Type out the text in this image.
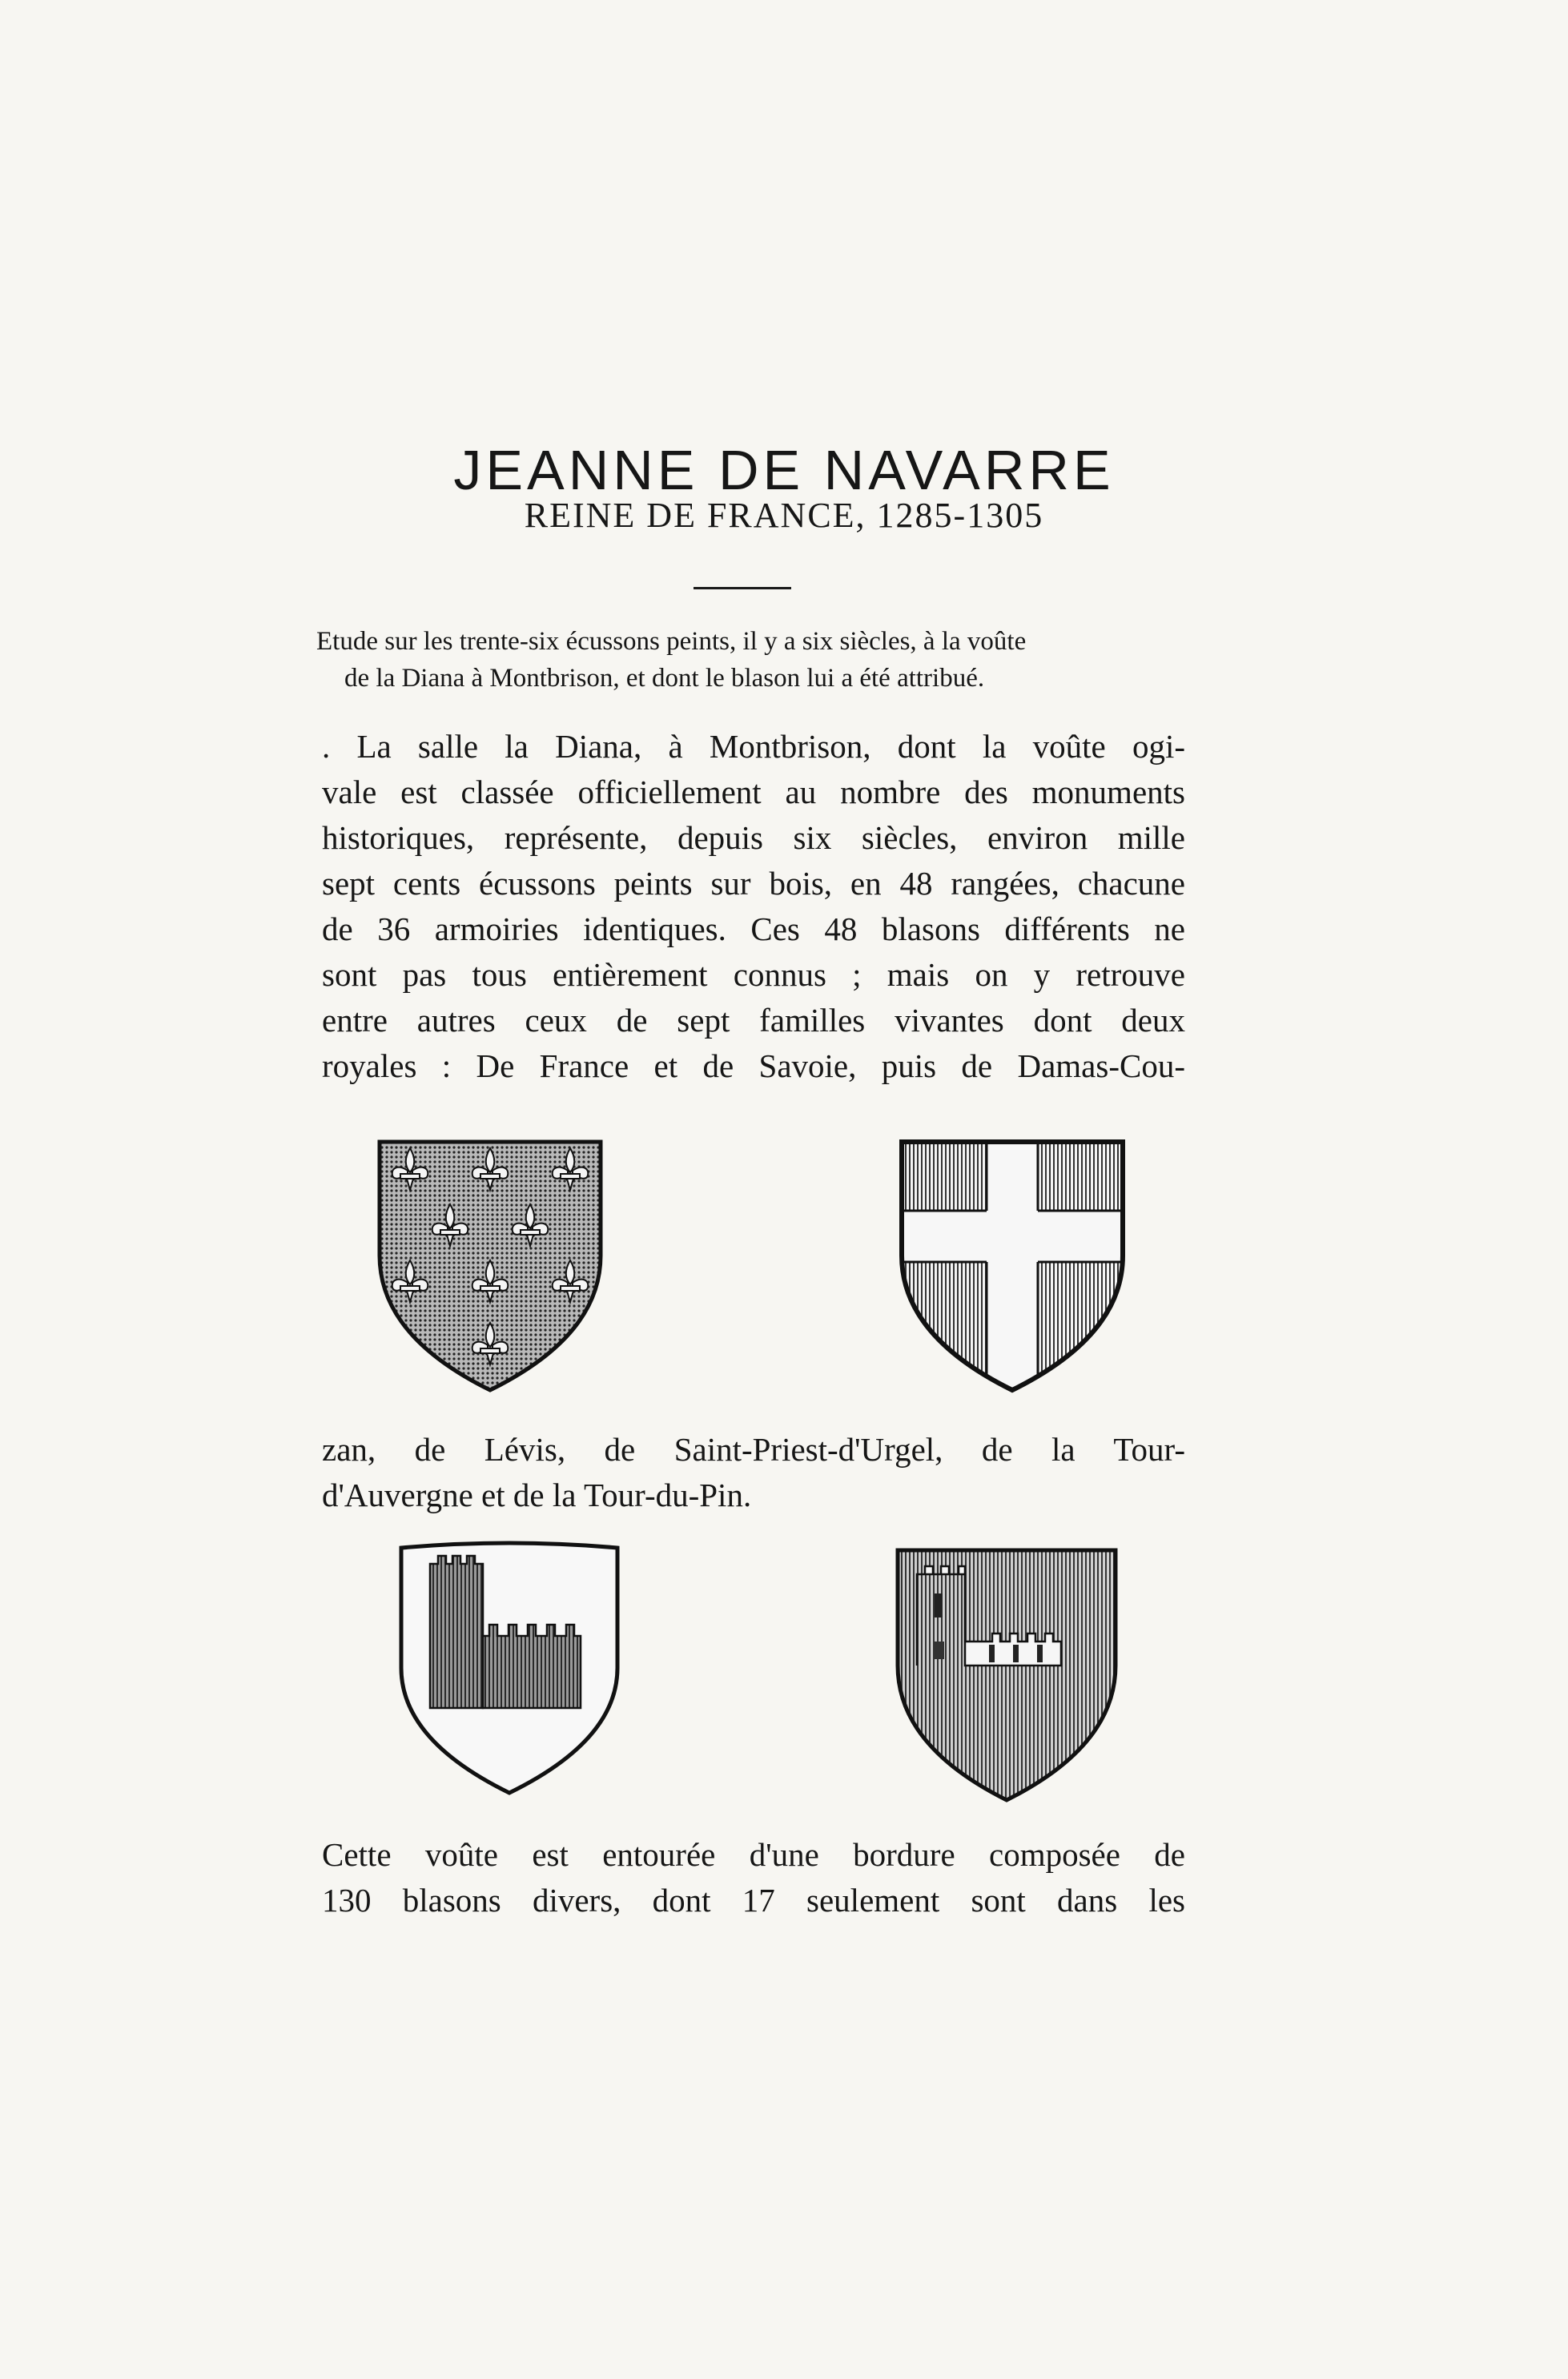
JEANNE DE NAVARRE
REINE DE FRANCE, 1285-1305
Etude sur les trente-six écussons peints, il y a six siècles, à la voûte
de la Diana à Montbrison, et dont le blason lui a été attribué.
. La salle la Diana, à Montbrison, dont la voûte ogi-
vale est classée officiellement au nombre des monuments
historiques, représente, depuis six siècles, environ mille
sept cents écussons peints sur bois, en 48 rangées, chacune
de 36 armoiries identiques. Ces 48 blasons différents ne
sont pas tous entièrement connus ; mais on y retrouve
entre autres ceux de sept familles vivantes dont deux
royales : De France et de Savoie, puis de Damas-Cou-
zan, de Lévis, de Saint-Priest-d'Urgel, de la Tour-
d'Auvergne et de la Tour-du-Pin.
Cette voûte est entourée d'une bordure composée de
130 blasons divers, dont 17 seulement sont dans les
